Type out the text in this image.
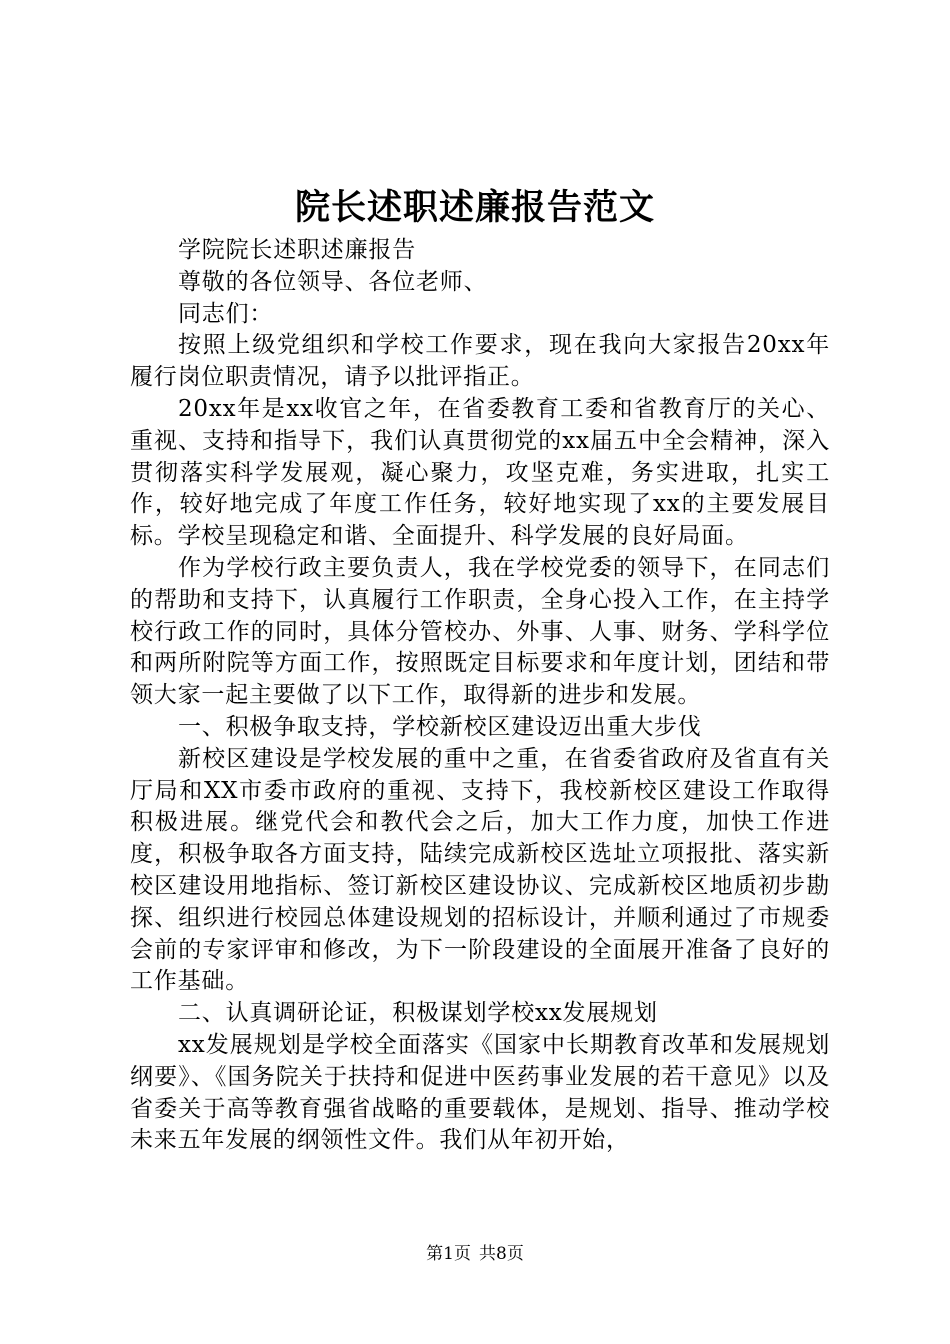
院长述职述廉报告范文

学院院长述职述廉报告

尊敬的各位领导、各位老师、

同志们：

按照上级党组织和学校工作要求，现在我向大家报告20xx年履行岗位职责情况，请予以批评指正。

20xx年是xx收官之年，在省委教育工委和省教育厅的关心、重视、支持和指导下，我们认真贯彻党的xx届五中全会精神，深入贯彻落实科学发展观，凝心聚力，攻坚克难，务实进取，扎实工作，较好地完成了年度工作任务，较好地实现了xx的主要发展目标。学校呈现稳定和谐、全面提升、科学发展的良好局面。

作为学校行政主要负责人，我在学校党委的领导下，在同志们的帮助和支持下，认真履行工作职责，全身心投入工作，在主持学校行政工作的同时，具体分管校办、外事、人事、财务、学科学位和两所附院等方面工作，按照既定目标要求和年度计划，团结和带领大家一起主要做了以下工作，取得新的进步和发展。

一、积极争取支持，学校新校区建设迈出重大步伐

新校区建设是学校发展的重中之重，在省委省政府及省直有关厅局和XX市委市政府的重视、支持下，我校新校区建设工作取得积极进展。继党代会和教代会之后，加大工作力度，加快工作进度，积极争取各方面支持，陆续完成新校区选址立项报批、落实新校区建设用地指标、签订新校区建设协议、完成新校区地质初步勘探、组织进行校园总体建设规划的招标设计，并顺利通过了市规委会前的专家评审和修改，为下一阶段建设的全面展开准备了良好的工作基础。

二、认真调研论证，积极谋划学校xx发展规划

xx发展规划是学校全面落实《国家中长期教育改革和发展规划纲要》、《国务院关于扶持和促进中医药事业发展的若干意见》以及省委关于高等教育强省战略的重要载体，是规划、指导、推动学校未来五年发展的纲领性文件。我们从年初开始，

第1页 共8页
